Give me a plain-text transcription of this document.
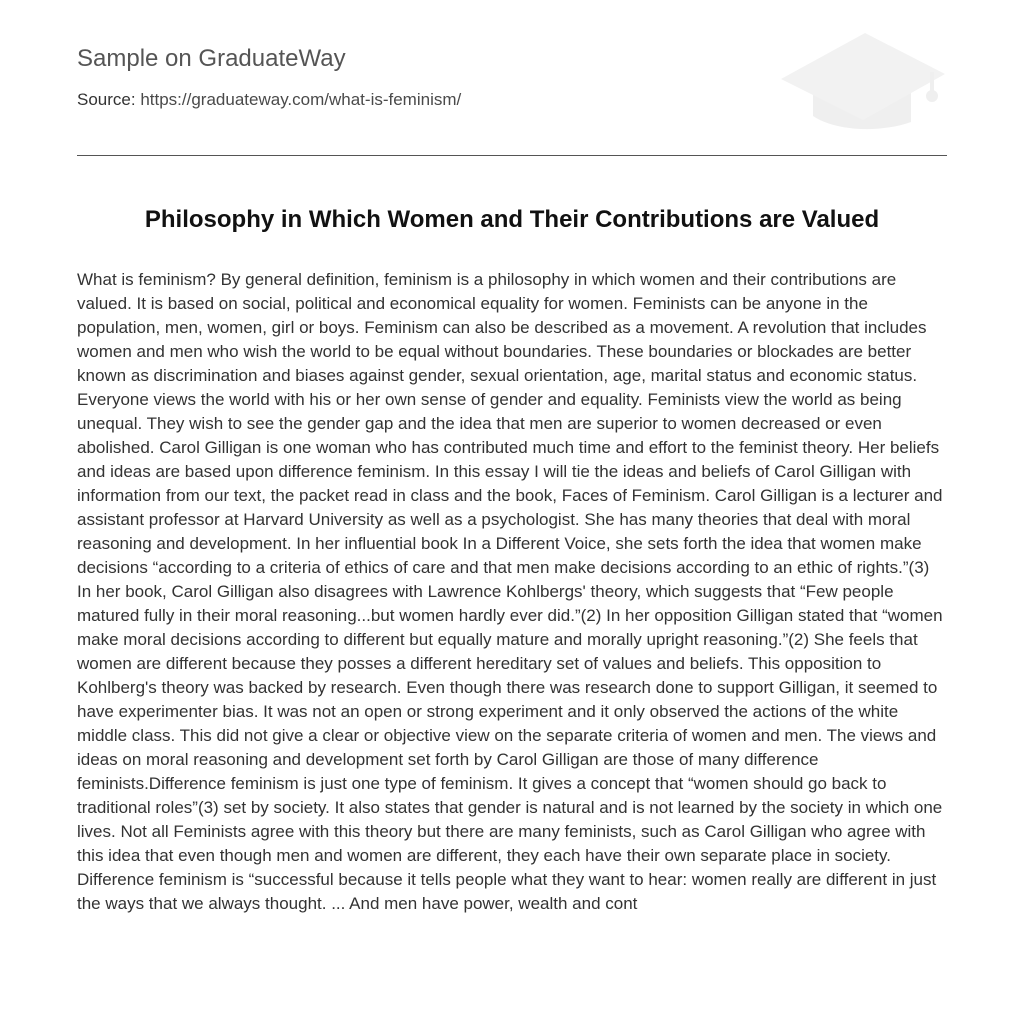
Sample on GraduateWay
Source: https://graduateway.com/what-is-feminism/
Philosophy in Which Women and Their Contributions are Valued

What is feminism? By general definition, feminism is a philosophy in which women and their contributions are valued. It is based on social, political and economical equality for women. Feminists can be anyone in the population, men, women, girl or boys. Feminism can also be described as a movement. A revolution that includes women and men who wish the world to be equal without boundaries. These boundaries or blockades are better known as discrimination and biases against gender, sexual orientation, age, marital status and economic status. Everyone views the world with his or her own sense of gender and equality. Feminists view the world as being unequal. They wish to see the gender gap and the idea that men are superior to women decreased or even abolished. Carol Gilligan is one woman who has contributed much time and effort to the feminist theory. Her beliefs and ideas are based upon difference feminism. In this essay I will tie the ideas and beliefs of Carol Gilligan with information from our text, the packet read in class and the book, Faces of Feminism. Carol Gilligan is a lecturer and assistant professor at Harvard University as well as a psychologist. She has many theories that deal with moral reasoning and development. In her influential book In a Different Voice, she sets forth the idea that women make decisions “according to a criteria of ethics of care and that men make decisions according to an ethic of rights.”(3) In her book, Carol Gilligan also disagrees with Lawrence Kohlbergs' theory, which suggests that “Few people matured fully in their moral reasoning...but women hardly ever did.”(2) In her opposition Gilligan stated that “women make moral decisions according to different but equally mature and morally upright reasoning.”(2) She feels that women are different because they posses a different hereditary set of values and beliefs. This opposition to Kohlberg's theory was backed by research. Even though there was research done to support Gilligan, it seemed to have experimenter bias. It was not an open or strong experiment and it only observed the actions of the white middle class. This did not give a clear or objective view on the separate criteria of women and men. The views and ideas on moral reasoning and development set forth by Carol Gilligan are those of many difference feminists.Difference feminism is just one type of feminism. It gives a concept that “women should go back to traditional roles”(3) set by society. It also states that gender is natural and is not learned by the society in which one lives. Not all Feminists agree with this theory but there are many feminists, such as Carol Gilligan who agree with this idea that even though men and women are different, they each have their own separate place in society. Difference feminism is “successful because it tells people what they want to hear: women really are different in just the ways that we always thought. ... And men have power, wealth and cont
